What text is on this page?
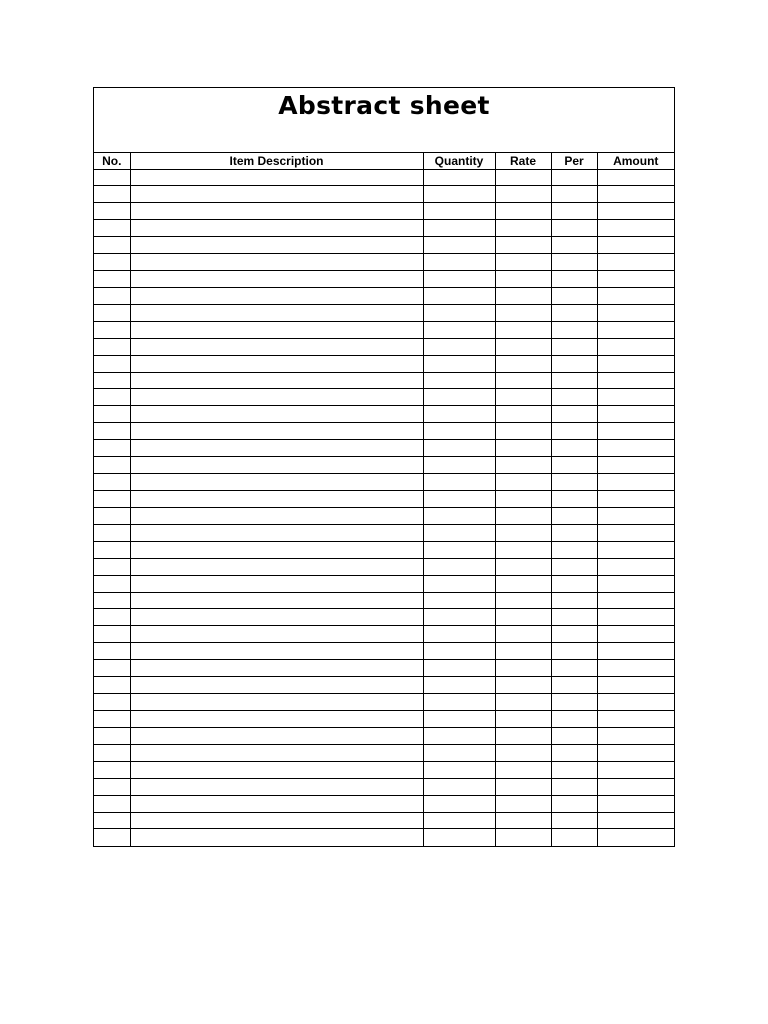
Abstract sheet
No.	Item Description	Quantity	Rate	Per	Amount
